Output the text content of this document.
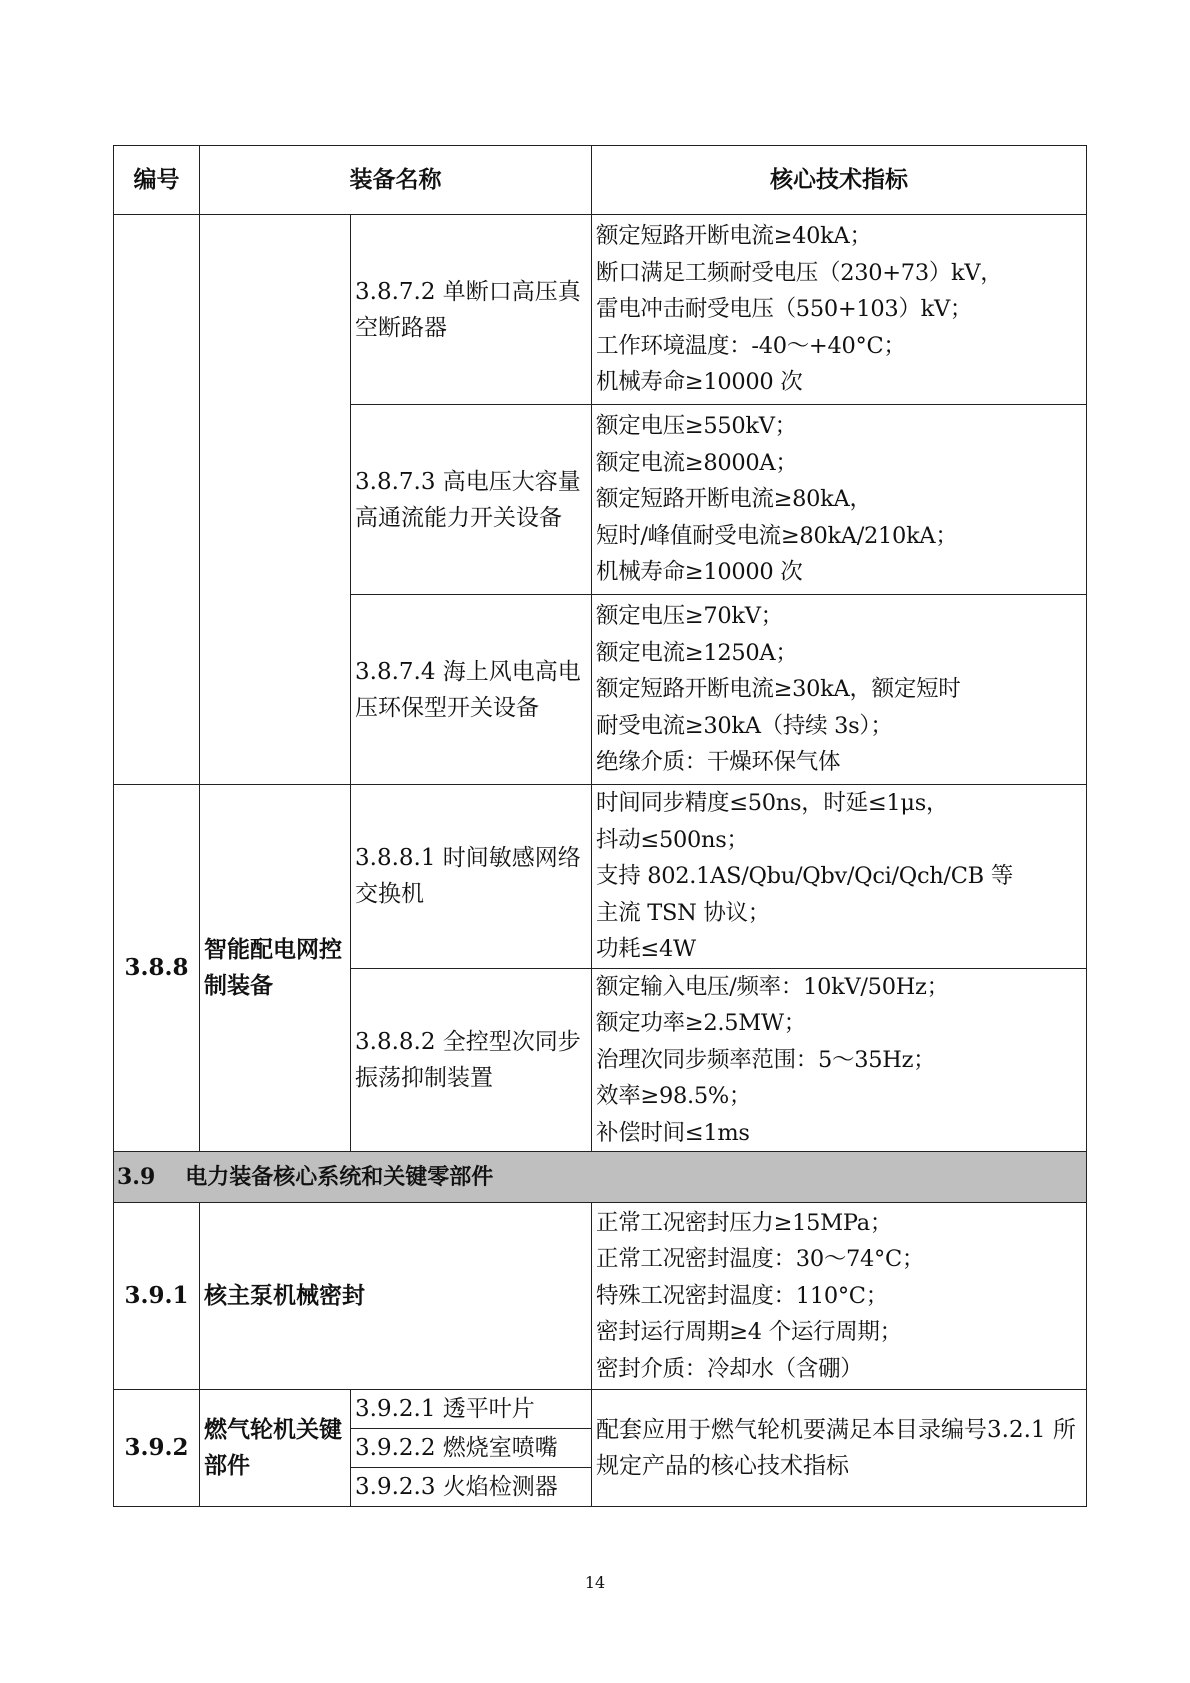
编号	装备名称		核心技术指标
		3.8.7.2 单断口高压真空断路器	额定短路开断电流≥40kA；
断口满足工频耐受电压（230+73）kV，
雷电冲击耐受电压（550+103）kV；
工作环境温度：-40～+40°C；
机械寿命≥10000 次

		3.8.7.3 高电压大容量高通流能力开关设备	额定电压≥550kV；
额定电流≥8000A；
额定短路开断电流≥80kA，
短时/峰值耐受电流≥80kA/210kA；
机械寿命≥10000 次

		3.8.7.4 海上风电高电压环保型开关设备	额定电压≥70kV；
额定电流≥1250A；
额定短路开断电流≥30kA，额定短时
耐受电流≥30kA（持续 3s）；
绝缘介质：干燥环保气体

3.8.8	智能配电网控制装备	3.8.8.1 时间敏感网络交换机	时间同步精度≤50ns，时延≤1μs，
抖动≤500ns；
支持 802.1AS/Qbu/Qbv/Qci/Qch/CB 等
主流 TSN 协议；
功耗≤4W

		3.8.8.2 全控型次同步振荡抑制装置	额定输入电压/频率：10kV/50Hz；
额定功率≥2.5MW；
治理次同步频率范围：5～35Hz；
效率≥98.5%；
补偿时间≤1ms

3.9 电力装备核心系统和关键零部件			
3.9.1	核主泵机械密封		正常工况密封压力≥15MPa；
正常工况密封温度：30～74°C；
特殊工况密封温度：110°C；
密封运行周期≥4 个运行周期；
密封介质：冷却水（含硼）

3.9.2	燃气轮机关键部件	3.9.2.1 透平叶片	配套应用于燃气轮机要满足本目录编号3.2.1 所规定产品的核心技术指标
		3.9.2.2 燃烧室喷嘴	
		3.9.2.3 火焰检测器	
14
